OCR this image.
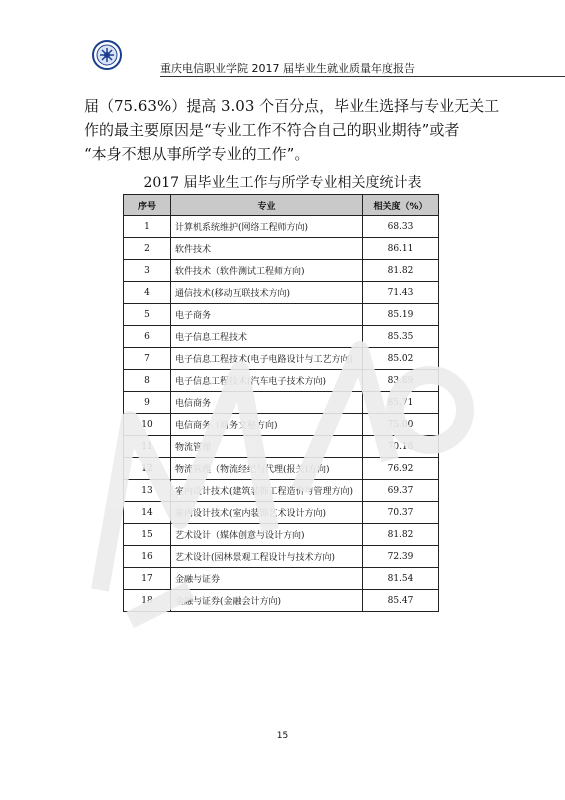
重庆电信职业学院 2017 届毕业生就业质量年度报告

届（75.63%）提高 3.03 个百分点，毕业生选择与专业无关工

作的最主要原因是“专业工作不符合自己的职业期待”或者

“本身不想从事所学专业的工作”。

2017 届毕业生工作与所学专业相关度统计表
序号	专业	相关度（%）
1	计算机系统维护(网络工程师方向)	68.33
2	软件技术	86.11
3	软件技术（软件测试工程师方向)	81.82
4	通信技术(移动互联技术方向)	71.43
5	电子商务	85.19
6	电子信息工程技术	85.35
7	电子信息工程技术(电子电路设计与工艺方向)	85.02
8	电子信息工程技术(汽车电子技术方向)	83.89
9	电信商务	85.71
10	电信商务（商务文秘方向)	75.00
11	物流管理	70.18
12	物流管理（物流经纪与代理(报关)方向)	76.92
13	室内设计技术(建筑装饰工程造价与管理方向)	69.37
14	室内设计技术(室内装饰艺术设计方向)	70.37
15	艺术设计（媒体创意与设计方向)	81.82
16	艺术设计(园林景观工程设计与技术方向)	72.39
17	金融与证券	81.54
18	金融与证券(金融会计方向)	85.47
15
